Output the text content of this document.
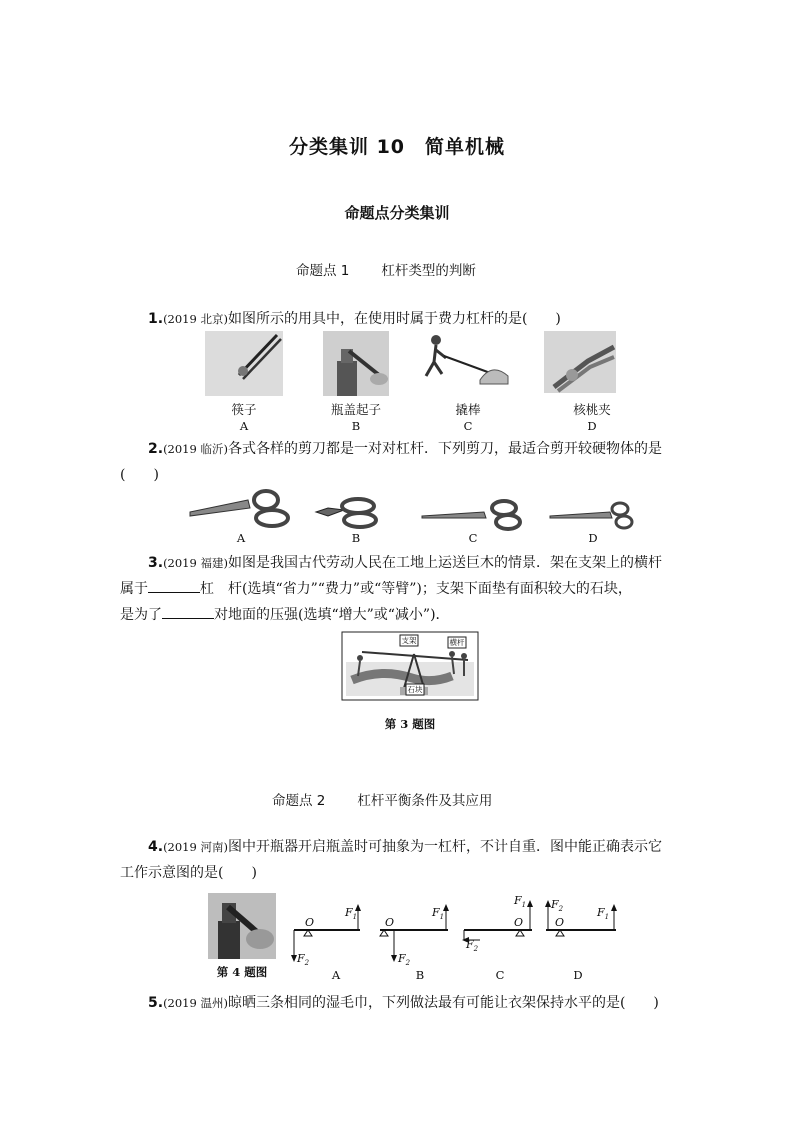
分类集训 10　简单机械
命题点分类集训
命题点 1 杠杆类型的判断
1.(2019 北京)如图所示的用具中，在使用时属于费力杠杆的是(　　)
筷子
A
瓶盖起子
B
撬棒
C
核桃夹
D
2.(2019 临沂)各式各样的剪刀都是一对对杠杆．下列剪刀，最适合剪开较硬物体的是
(　　)
A	B	C	D
3.(2019 福建)如图是我国古代劳动人民在工地上运送巨木的情景．架在支架上的横杆
属于	杠　杆(选填“省力”“费力”或“等臂”)；支架下面垫有面积较大的石块，
是为了	对地面的压强(选填“增大”或“减小”)．
支架	横杆
石块
第 3 题图
命题点 2 杠杆平衡条件及其应用
4.(2019 河南)图中开瓶器开启瓶盖时可抽象为一杠杆，不计自重．图中能正确表示它
工作示意图的是(　　)
第 4 题图
O
$F_1$
$F_2$
O
$F_1$
$F_2$
O
$F_1$
$F_2$
O
$F_2$	$F_1$
A	B	C	D
5.(2019 温州)晾晒三条相同的湿毛巾，下列做法最有可能让衣架保持水平的是(　　)
